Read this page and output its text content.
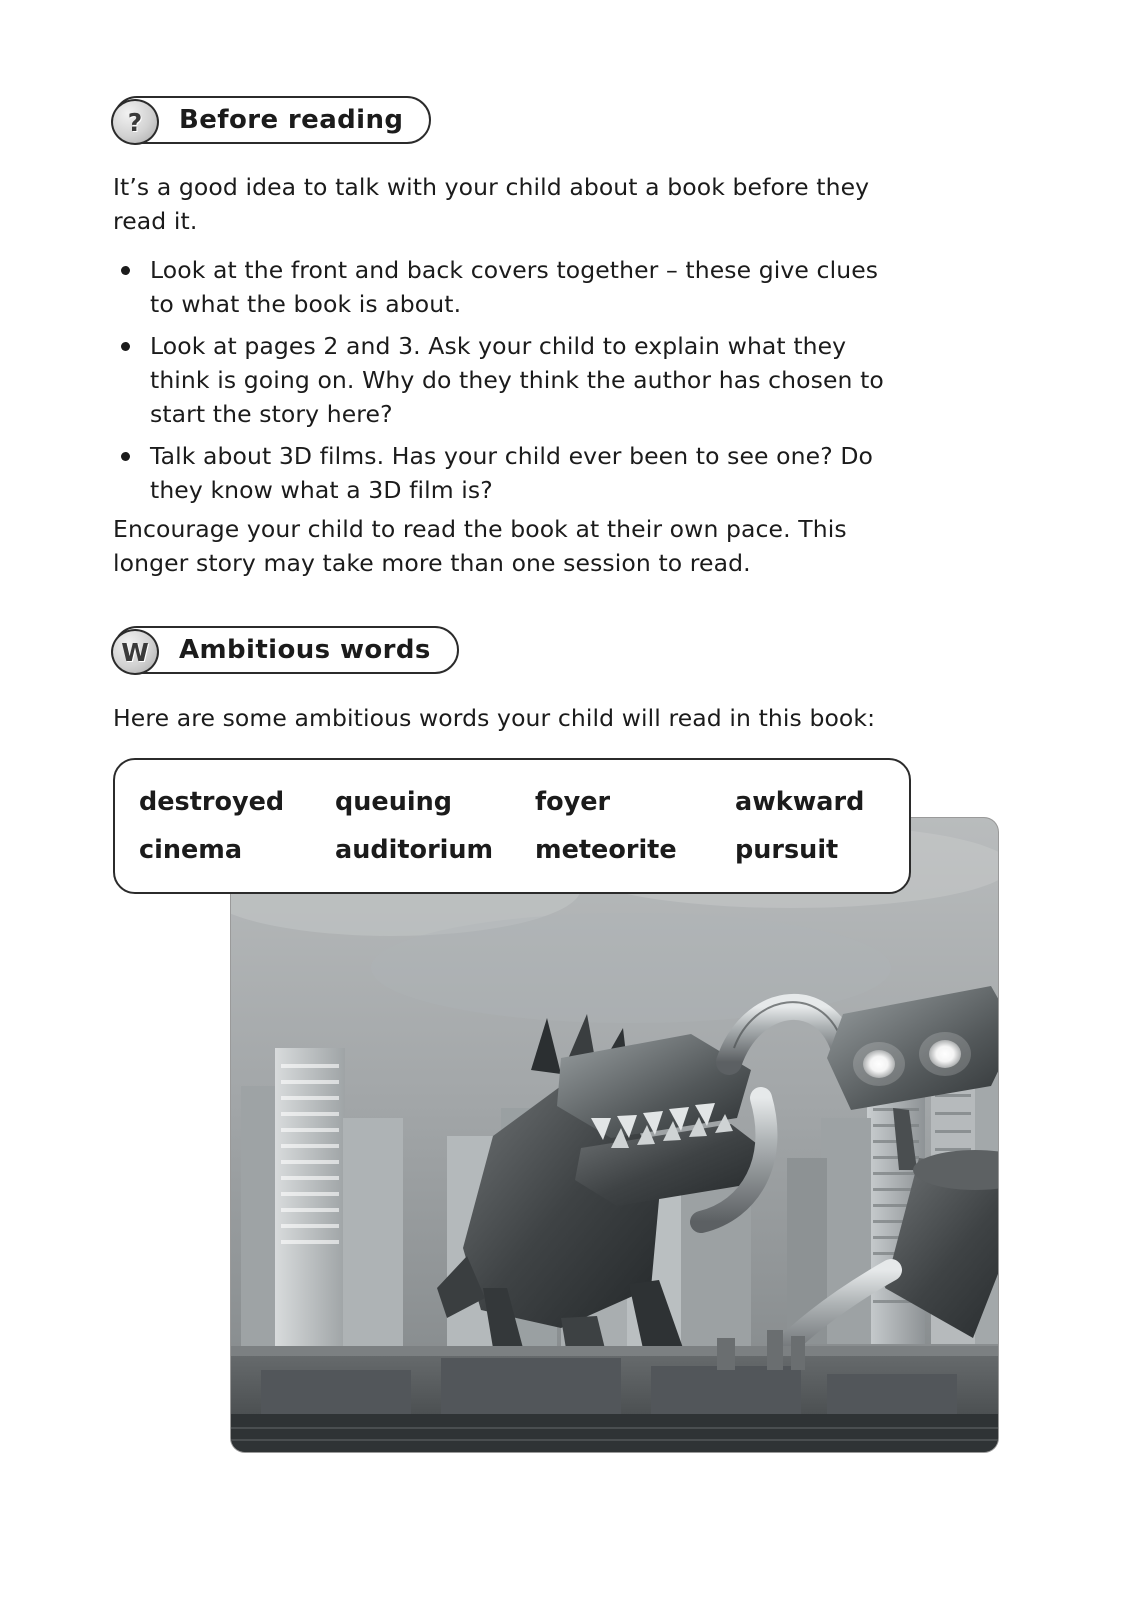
? Before reading
It’s a good idea to talk with your child about a book before they read it.
Look at the front and back covers together – these give clues to what the book is about.
Look at pages 2 and 3. Ask your child to explain what they think is going on. Why do they think the author has chosen to start the story here?
Talk about 3D films. Has your child ever been to see one? Do they know what a 3D film is?
Encourage your child to read the book at their own pace. This longer story may take more than one session to read.
W Ambitious words
Here are some ambitious words your child will read in this book:
destroyed	queuing	foyer	awkward
cinema	auditorium	meteorite	pursuit
